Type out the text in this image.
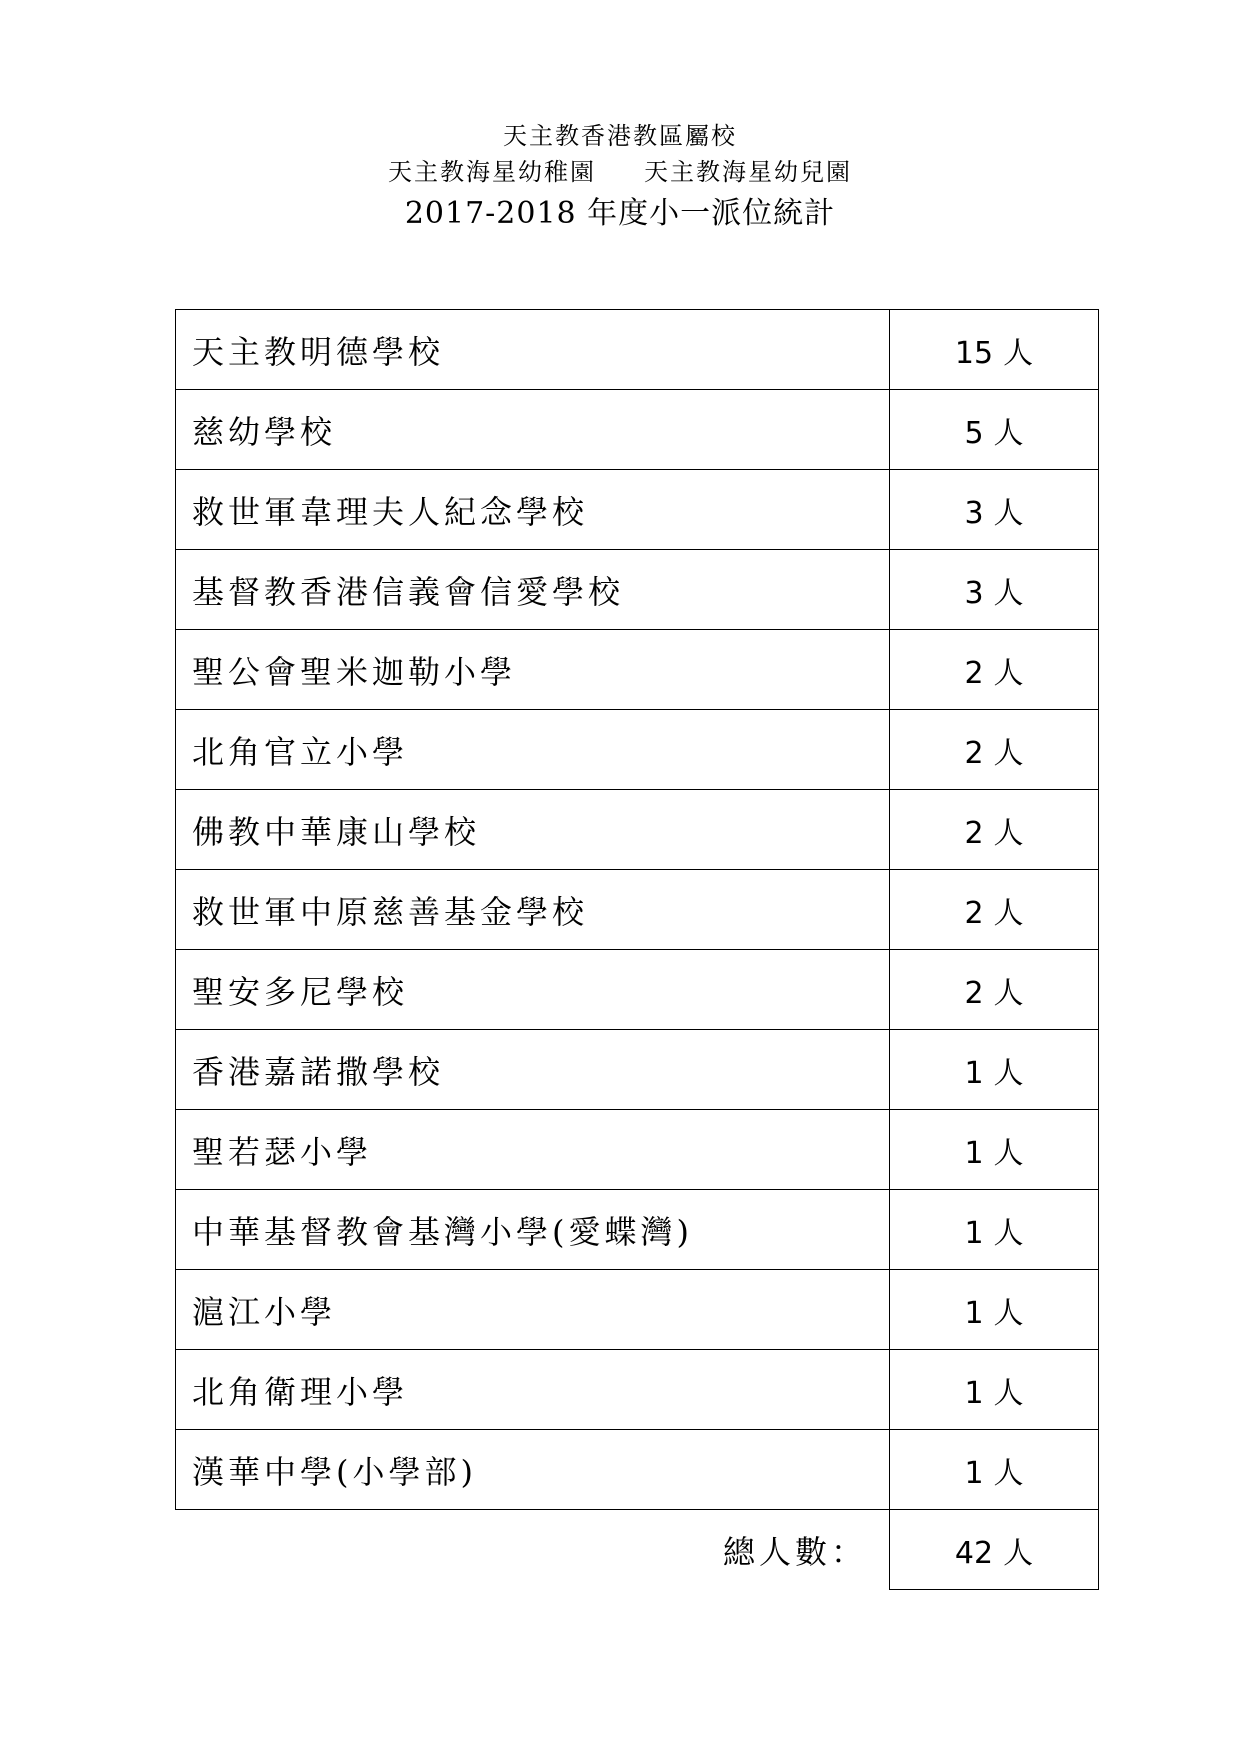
天主教香港教區屬校
天主教海星幼稚園 天主教海星幼兒園
2017-2018 年度小一派位統計
天主教明德學校	15 人
慈幼學校	5 人
救世軍韋理夫人紀念學校	3 人
基督教香港信義會信愛學校	3 人
聖公會聖米迦勒小學	2 人
北角官立小學	2 人
佛教中華康山學校	2 人
救世軍中原慈善基金學校	2 人
聖安多尼學校	2 人
香港嘉諾撒學校	1 人
聖若瑟小學	1 人
中華基督教會基灣小學(愛蝶灣)	1 人
滬江小學	1 人
北角衛理小學	1 人
漢華中學(小學部)	1 人
總人數：	42 人
